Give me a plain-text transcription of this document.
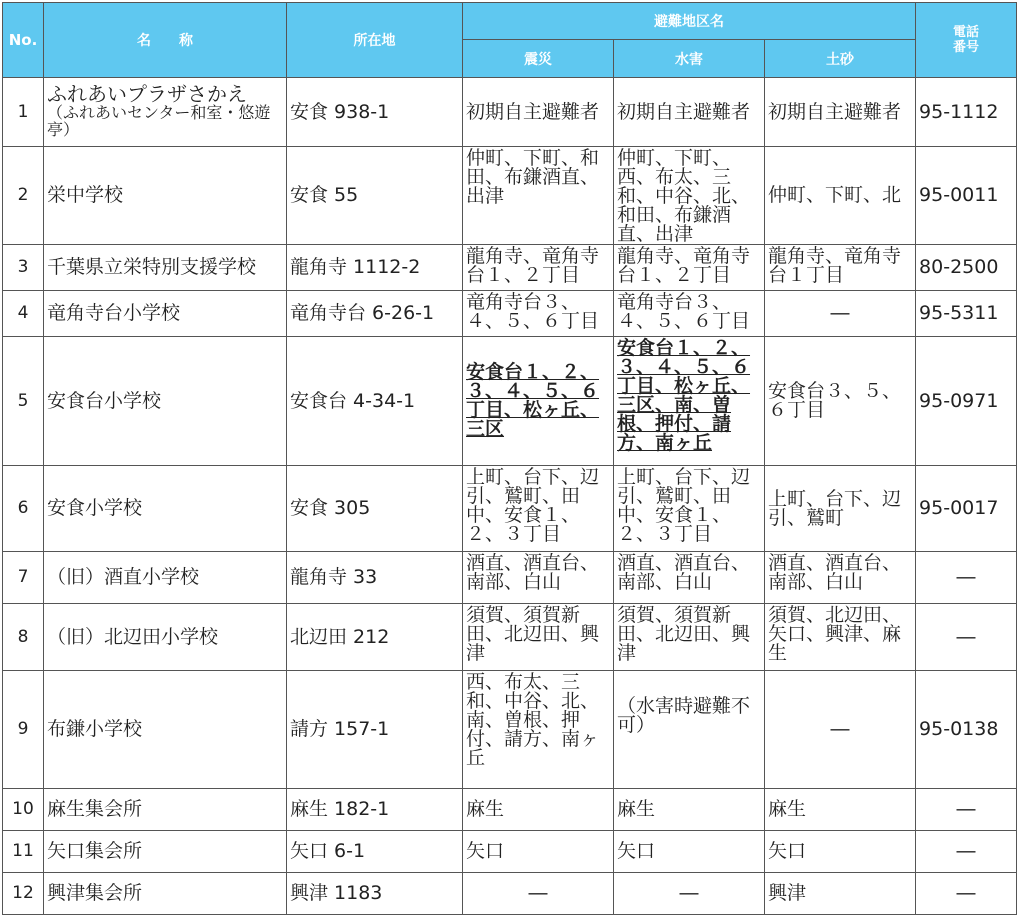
No.	名　　称	所在地	避難地区名			電話
番号
			震災	水害	土砂	
1	ふれあいプラザさかえ
（ふれあいセンター和室・悠遊亭）	安食 938-1	初期自主避難者	初期自主避難者	初期自主避難者	95-1112
2	栄中学校	安食 55	仲町、下町、和田、布鎌酒直、出津	仲町、下町、西、布太、三和、中谷、北、和田、布鎌酒直、出津	仲町、下町、北	95-0011
3	千葉県立栄特別支援学校	龍角寺 1112-2	龍角寺、竜角寺台１、２丁目	龍角寺、竜角寺台１、２丁目	龍角寺、竜角寺台１丁目	80-2500
4	竜角寺台小学校	竜角寺台 6-26-1	竜角寺台３、４、５、６丁目	竜角寺台３、４、５、６丁目	―	95-5311
5	安食台小学校	安食台 4-34-1	安食台１、２、３、４、５、６丁目、松ヶ丘、三区	安食台１、２、３、４、５、６丁目、松ヶ丘、三区、南、曽根、押付、請方、南ヶ丘	安食台３、５、６丁目	95-0971
6	安食小学校	安食 305	上町、台下、辺引、鷲町、田中、安食１、２、３丁目	上町、台下、辺引、鷲町、田中、安食１、２、３丁目	上町、台下、辺引、鷲町	95-0017
7	（旧）酒直小学校	龍角寺 33	酒直、酒直台、南部、白山	酒直、酒直台、南部、白山	酒直、酒直台、南部、白山	―
8	（旧）北辺田小学校	北辺田 212	須賀、須賀新田、北辺田、興津	須賀、須賀新田、北辺田、興津	須賀、北辺田、矢口、興津、麻生	―
9	布鎌小学校	請方 157-1	西、布太、三和、中谷、北、南、曽根、押付、請方、南ヶ丘	（水害時避難不可）	―	95-0138
10	麻生集会所	麻生 182-1	麻生	麻生	麻生	―
11	矢口集会所	矢口 6-1	矢口	矢口	矢口	―
12	興津集会所	興津 1183	―	―	興津	―
